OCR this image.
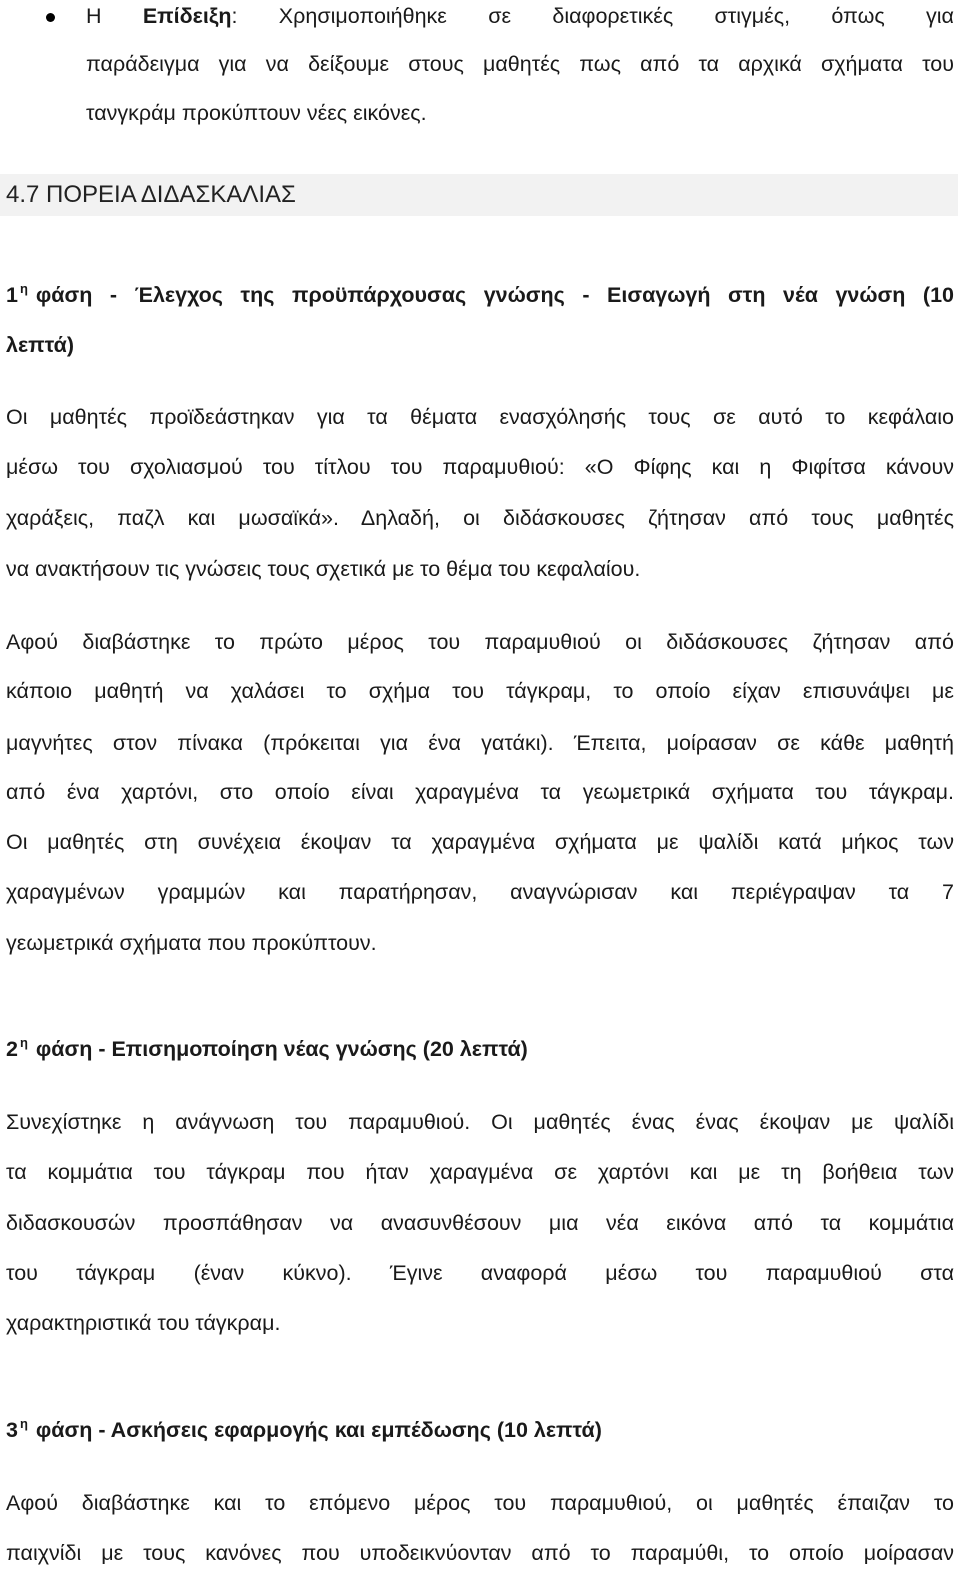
Η Επίδειξη: Χρησιμοποιήθηκε σε διαφορετικές στιγμές, όπως για
παράδειγμα για να δείξουμε στους μαθητές πως από τα αρχικά σχήματα του
τανγκράμ προκύπτουν νέες εικόνες.
4.7 ΠΟΡΕΙΑ ΔΙΔΑΣΚΑΛΙΑΣ
1 $^\eta$ φάση - Έλεγχος της προϋπάρχουσας γνώσης - Εισαγωγή στη νέα γνώση (10
λεπτά)
Οι μαθητές προϊδεάστηκαν για τα θέματα ενασχόλησής τους σε αυτό το κεφάλαιο
μέσω του σχολιασμού του τίτλου του παραμυθιού: «Ο Φίφης και η Φιφίτσα κάνουν
χαράξεις, παζλ και μωσαϊκά». Δηλαδή, οι διδάσκουσες ζήτησαν από τους μαθητές
να ανακτήσουν τις γνώσεις τους σχετικά με το θέμα του κεφαλαίου.
Αφού διαβάστηκε το πρώτο μέρος του παραμυθιού οι διδάσκουσες ζήτησαν από
κάποιο μαθητή να χαλάσει το σχήμα του τάγκραμ, το οποίο είχαν επισυνάψει με
μαγνήτες στον πίνακα (πρόκειται για ένα γατάκι). Έπειτα, μοίρασαν σε κάθε μαθητή
από ένα χαρτόνι, στο οποίο είναι χαραγμένα τα γεωμετρικά σχήματα του τάγκραμ.
Οι μαθητές στη συνέχεια έκοψαν τα χαραγμένα σχήματα με ψαλίδι κατά μήκος των
χαραγμένων γραμμών και παρατήρησαν, αναγνώρισαν και περιέγραψαν τα 7
γεωμετρικά σχήματα που προκύπτουν.
2 $^\eta$ φάση - Επισημοποίηση νέας γνώσης (20 λεπτά)
Συνεχίστηκε η ανάγνωση του παραμυθιού. Οι μαθητές ένας ένας έκοψαν με ψαλίδι
τα κομμάτια του τάγκραμ που ήταν χαραγμένα σε χαρτόνι και με τη βοήθεια των
διδασκουσών προσπάθησαν να ανασυνθέσουν μια νέα εικόνα από τα κομμάτια
του τάγκραμ (έναν κύκνο). Έγινε αναφορά μέσω του παραμυθιού στα
χαρακτηριστικά του τάγκραμ.
3 $^\eta$ φάση - Ασκήσεις εφαρμογής και εμπέδωσης (10 λεπτά)
Αφού διαβάστηκε και το επόμενο μέρος του παραμυθιού, οι μαθητές έπαιζαν το
παιχνίδι με τους κανόνες που υποδεικνύονταν από το παραμύθι, το οποίο μοίρασαν
